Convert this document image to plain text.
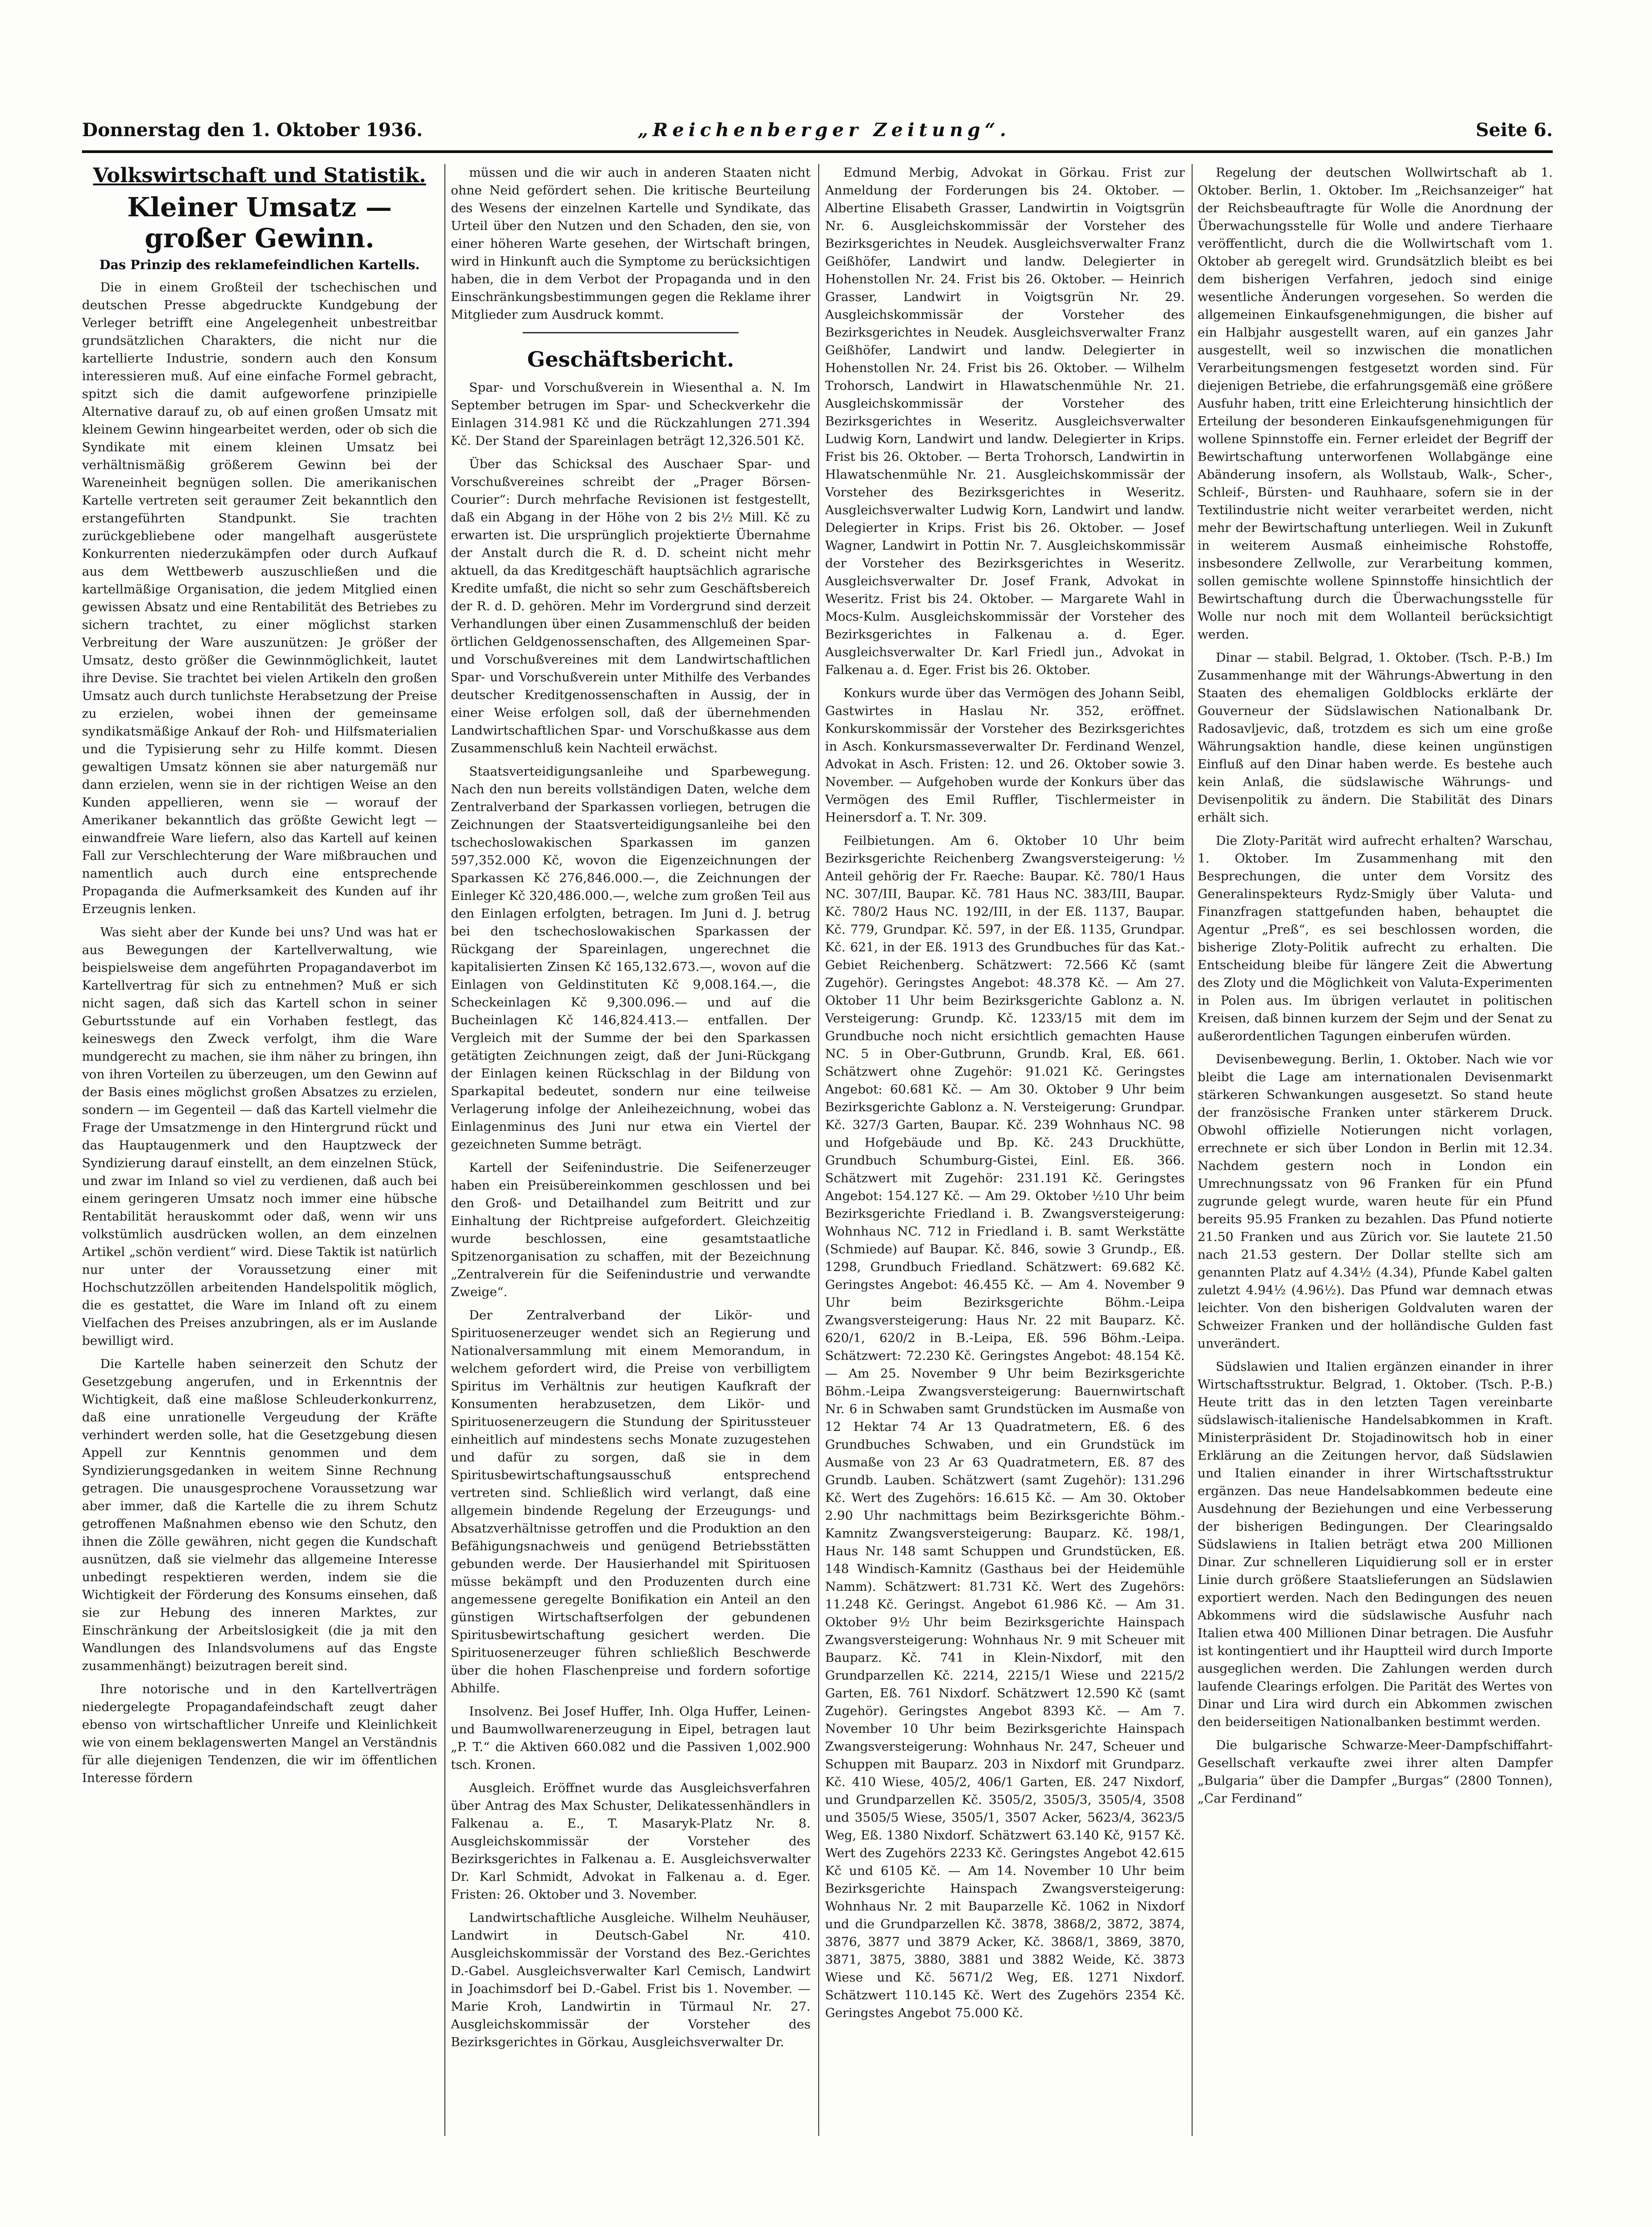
Donnerstag den 1. Oktober 1936.	„Reichenberger Zeitung“.	Seite 6.
Volkswirtschaft und Statistik.
Kleiner Umsatz — großer Gewinn.
Das Prinzip des reklamefeindlichen Kartells.

Die in einem Großteil der tschechischen und deutschen Presse abgedruckte Kundgebung der Verleger betrifft eine Angelegenheit unbestreitbar grundsätzlichen Charakters, die nicht nur die kartellierte Industrie, sondern auch den Konsum interessieren muß. Auf eine einfache Formel gebracht, spitzt sich die damit aufgeworfene prinzipielle Alternative darauf zu, ob auf einen großen Umsatz mit kleinem Gewinn hingearbeitet werden, oder ob sich die Syndikate mit einem kleinen Umsatz bei verhältnismäßig größerem Gewinn bei der Wareneinheit begnügen sollen. Die amerikanischen Kartelle vertreten seit geraumer Zeit bekanntlich den erstangeführten Standpunkt. Sie trachten zurückgebliebene oder mangelhaft ausgerüstete Konkurrenten niederzukämpfen oder durch Aufkauf aus dem Wettbewerb auszuschließen und die kartellmäßige Organisation, die jedem Mitglied einen gewissen Absatz und eine Rentabilität des Betriebes zu sichern trachtet, zu einer möglichst starken Verbreitung der Ware auszunützen: Je größer der Umsatz, desto größer die Gewinnmöglichkeit, lautet ihre Devise. Sie trachtet bei vielen Artikeln den großen Umsatz auch durch tunlichste Herabsetzung der Preise zu erzielen, wobei ihnen der gemeinsame syndikatsmäßige Ankauf der Roh- und Hilfsmaterialien und die Typisierung sehr zu Hilfe kommt. Diesen gewaltigen Umsatz können sie aber naturgemäß nur dann erzielen, wenn sie in der richtigen Weise an den Kunden appellieren, wenn sie — worauf der Amerikaner bekanntlich das größte Gewicht legt — einwandfreie Ware liefern, also das Kartell auf keinen Fall zur Verschlechterung der Ware mißbrauchen und namentlich auch durch eine entsprechende Propaganda die Aufmerksamkeit des Kunden auf ihr Erzeugnis lenken.

Was sieht aber der Kunde bei uns? Und was hat er aus Bewegungen der Kartellverwaltung, wie beispielsweise dem angeführten Propagandaverbot im Kartellvertrag für sich zu entnehmen? Muß er sich nicht sagen, daß sich das Kartell schon in seiner Geburtsstunde auf ein Vorhaben festlegt, das keineswegs den Zweck verfolgt, ihm die Ware mundgerecht zu machen, sie ihm näher zu bringen, ihn von ihren Vorteilen zu überzeugen, um den Gewinn auf der Basis eines möglichst großen Absatzes zu erzielen, sondern — im Gegenteil — daß das Kartell vielmehr die Frage der Umsatzmenge in den Hintergrund rückt und das Hauptaugenmerk und den Hauptzweck der Syndizierung darauf einstellt, an dem einzelnen Stück, und zwar im Inland so viel zu verdienen, daß auch bei einem geringeren Umsatz noch immer eine hübsche Rentabilität herauskommt oder daß, wenn wir uns volkstümlich ausdrücken wollen, an dem einzelnen Artikel „schön verdient“ wird. Diese Taktik ist natürlich nur unter der Voraussetzung einer mit Hochschutzzöllen arbeitenden Handelspolitik möglich, die es gestattet, die Ware im Inland oft zu einem Vielfachen des Preises anzubringen, als er im Auslande bewilligt wird.

Die Kartelle haben seinerzeit den Schutz der Gesetzgebung angerufen, und in Erkenntnis der Wichtigkeit, daß eine maßlose Schleuderkonkurrenz, daß eine unrationelle Vergeudung der Kräfte verhindert werden solle, hat die Gesetzgebung diesen Appell zur Kenntnis genommen und dem Syndizierungsgedanken in weitem Sinne Rechnung getragen. Die unausgesprochene Voraussetzung war aber immer, daß die Kartelle die zu ihrem Schutz getroffenen Maßnahmen ebenso wie den Schutz, den ihnen die Zölle gewähren, nicht gegen die Kundschaft ausnützen, daß sie vielmehr das allgemeine Interesse unbedingt respektieren werden, indem sie die Wichtigkeit der Förderung des Konsums einsehen, daß sie zur Hebung des inneren Marktes, zur Einschränkung der Arbeitslosigkeit (die ja mit den Wandlungen des Inlandsvolumens auf das Engste zusammenhängt) beizutragen bereit sind.

Ihre notorische und in den Kartellverträgen niedergelegte Propagandafeindschaft zeugt daher ebenso von wirtschaftlicher Unreife und Kleinlichkeit wie von einem beklagenswerten Mangel an Verständnis für alle diejenigen Tendenzen, die wir im öffentlichen Interesse fördern

müssen und die wir auch in anderen Staaten nicht ohne Neid gefördert sehen. Die kritische Beurteilung des Wesens der einzelnen Kartelle und Syndikate, das Urteil über den Nutzen und den Schaden, den sie, von einer höheren Warte gesehen, der Wirtschaft bringen, wird in Hinkunft auch die Symptome zu berücksichtigen haben, die in dem Verbot der Propaganda und in den Einschränkungsbestimmungen gegen die Reklame ihrer Mitglieder zum Ausdruck kommt.

Geschäftsbericht.

Spar- und Vorschußverein in Wiesenthal a. N. Im September betrugen im Spar- und Scheckverkehr die Einlagen 314.981 Kč und die Rückzahlungen 271.394 Kč. Der Stand der Spareinlagen beträgt 12,326.501 Kč.

Über das Schicksal des Auschaer Spar- und Vorschußvereines schreibt der „Prager Börsen-Courier“: Durch mehrfache Revisionen ist festgestellt, daß ein Abgang in der Höhe von 2 bis 2½ Mill. Kč zu erwarten ist. Die ursprünglich projektierte Übernahme der Anstalt durch die R. d. D. scheint nicht mehr aktuell, da das Kreditgeschäft hauptsächlich agrarische Kredite umfaßt, die nicht so sehr zum Geschäftsbereich der R. d. D. gehören. Mehr im Vordergrund sind derzeit Verhandlungen über einen Zusammenschluß der beiden örtlichen Geldgenossenschaften, des Allgemeinen Spar- und Vorschußvereines mit dem Landwirtschaftlichen Spar- und Vorschußverein unter Mithilfe des Verbandes deutscher Kreditgenossenschaften in Aussig, der in einer Weise erfolgen soll, daß der übernehmenden Landwirtschaftlichen Spar- und Vorschußkasse aus dem Zusammenschluß kein Nachteil erwächst.

Staatsverteidigungsanleihe und Sparbewegung. Nach den nun bereits vollständigen Daten, welche dem Zentralverband der Sparkassen vorliegen, betrugen die Zeichnungen der Staatsverteidigungsanleihe bei den tschechoslowakischen Sparkassen im ganzen 597,352.000 Kč, wovon die Eigenzeichnungen der Sparkassen Kč 276,846.000.—, die Zeichnungen der Einleger Kč 320,486.000.—, welche zum großen Teil aus den Einlagen erfolgten, betragen. Im Juni d. J. betrug bei den tschechoslowakischen Sparkassen der Rückgang der Spareinlagen, ungerechnet die kapitalisierten Zinsen Kč 165,132.673.—, wovon auf die Einlagen von Geldinstituten Kč 9,008.164.—, die Scheckeinlagen Kč 9,300.096.— und auf die Bucheinlagen Kč 146,824.413.— entfallen. Der Vergleich mit der Summe der bei den Sparkassen getätigten Zeichnungen zeigt, daß der Juni-Rückgang der Einlagen keinen Rückschlag in der Bildung von Sparkapital bedeutet, sondern nur eine teilweise Verlagerung infolge der Anleihezeichnung, wobei das Einlagenminus des Juni nur etwa ein Viertel der gezeichneten Summe beträgt.

Kartell der Seifenindustrie. Die Seifenerzeuger haben ein Preisübereinkommen geschlossen und bei den Groß- und Detailhandel zum Beitritt und zur Einhaltung der Richtpreise aufgefordert. Gleichzeitig wurde beschlossen, eine gesamtstaatliche Spitzenorganisation zu schaffen, mit der Bezeichnung „Zentralverein für die Seifenindustrie und verwandte Zweige“.

Der Zentralverband der Likör- und Spirituosenerzeuger wendet sich an Regierung und Nationalversammlung mit einem Memorandum, in welchem gefordert wird, die Preise von verbilligtem Spiritus im Verhältnis zur heutigen Kaufkraft der Konsumenten herabzusetzen, dem Likör- und Spirituosenerzeugern die Stundung der Spiritussteuer einheitlich auf mindestens sechs Monate zuzugestehen und dafür zu sorgen, daß sie in dem Spiritusbewirtschaftungsausschuß entsprechend vertreten sind. Schließlich wird verlangt, daß eine allgemein bindende Regelung der Erzeugungs- und Absatzverhältnisse getroffen und die Produktion an den Befähigungsnachweis und genügend Betriebsstätten gebunden werde. Der Hausierhandel mit Spirituosen müsse bekämpft und den Produzenten durch eine angemessene geregelte Bonifikation ein Anteil an den günstigen Wirtschaftserfolgen der gebundenen Spiritusbewirtschaftung gesichert werden. Die Spirituosenerzeuger führen schließlich Beschwerde über die hohen Flaschenpreise und fordern sofortige Abhilfe.

Insolvenz. Bei Josef Huffer, Inh. Olga Huffer, Leinen- und Baumwollwarenerzeugung in Eipel, betragen laut „P. T.“ die Aktiven 660.082 und die Passiven 1,002.900 tsch. Kronen.

Ausgleich. Eröffnet wurde das Ausgleichsverfahren über Antrag des Max Schuster, Delikatessenhändlers in Falkenau a. E., T. Masaryk-Platz Nr. 8. Ausgleichskommissär der Vorsteher des Bezirksgerichtes in Falkenau a. E. Ausgleichsverwalter Dr. Karl Schmidt, Advokat in Falkenau a. d. Eger. Fristen: 26. Oktober und 3. November.

Landwirtschaftliche Ausgleiche. Wilhelm Neuhäuser, Landwirt in Deutsch-Gabel Nr. 410. Ausgleichskommissär der Vorstand des Bez.-Gerichtes D.-Gabel. Ausgleichsverwalter Karl Cemisch, Landwirt in Joachimsdorf bei D.-Gabel. Frist bis 1. November. — Marie Kroh, Landwirtin in Türmaul Nr. 27. Ausgleichskommissär der Vorsteher des Bezirksgerichtes in Görkau, Ausgleichsverwalter Dr.

Edmund Merbig, Advokat in Görkau. Frist zur Anmeldung der Forderungen bis 24. Oktober. — Albertine Elisabeth Grasser, Landwirtin in Voigtsgrün Nr. 6. Ausgleichskommissär der Vorsteher des Bezirksgerichtes in Neudek. Ausgleichsverwalter Franz Geißhöfer, Landwirt und landw. Delegierter in Hohenstollen Nr. 24. Frist bis 26. Oktober. — Heinrich Grasser, Landwirt in Voigtsgrün Nr. 29. Ausgleichskommissär der Vorsteher des Bezirksgerichtes in Neudek. Ausgleichsverwalter Franz Geißhöfer, Landwirt und landw. Delegierter in Hohenstollen Nr. 24. Frist bis 26. Oktober. — Wilhelm Trohorsch, Landwirt in Hlawatschenmühle Nr. 21. Ausgleichskommissär der Vorsteher des Bezirksgerichtes in Weseritz. Ausgleichsverwalter Ludwig Korn, Landwirt und landw. Delegierter in Krips. Frist bis 26. Oktober. — Berta Trohorsch, Landwirtin in Hlawatschenmühle Nr. 21. Ausgleichskommissär der Vorsteher des Bezirksgerichtes in Weseritz. Ausgleichsverwalter Ludwig Korn, Landwirt und landw. Delegierter in Krips. Frist bis 26. Oktober. — Josef Wagner, Landwirt in Pottin Nr. 7. Ausgleichskommissär der Vorsteher des Bezirksgerichtes in Weseritz. Ausgleichsverwalter Dr. Josef Frank, Advokat in Weseritz. Frist bis 24. Oktober. — Margarete Wahl in Mocs-Kulm. Ausgleichskommissär der Vorsteher des Bezirksgerichtes in Falkenau a. d. Eger. Ausgleichsverwalter Dr. Karl Friedl jun., Advokat in Falkenau a. d. Eger. Frist bis 26. Oktober.

Konkurs wurde über das Vermögen des Johann Seibl, Gastwirtes in Haslau Nr. 352, eröffnet. Konkurskommissär der Vorsteher des Bezirksgerichtes in Asch. Konkursmasseverwalter Dr. Ferdinand Wenzel, Advokat in Asch. Fristen: 12. und 26. Oktober sowie 3. November. — Aufgehoben wurde der Konkurs über das Vermögen des Emil Ruffler, Tischlermeister in Heinersdorf a. T. Nr. 309.

Feilbietungen. Am 6. Oktober 10 Uhr beim Bezirksgerichte Reichenberg Zwangsversteigerung: ½ Anteil gehörig der Fr. Raeche: Baupar. Kč. 780/1 Haus NC. 307/III, Baupar. Kč. 781 Haus NC. 383/III, Baupar. Kč. 780/2 Haus NC. 192/III, in der Eß. 1137, Baupar. Kč. 779, Grundpar. Kč. 597, in der Eß. 1135, Grundpar. Kč. 621, in der Eß. 1913 des Grundbuches für das Kat.-Gebiet Reichenberg. Schätzwert: 72.566 Kč (samt Zugehör). Geringstes Angebot: 48.378 Kč. — Am 27. Oktober 11 Uhr beim Bezirksgerichte Gablonz a. N. Versteigerung: Grundp. Kč. 1233/15 mit dem im Grundbuche noch nicht ersichtlich gemachten Hause NC. 5 in Ober-Gutbrunn, Grundb. Kral, Eß. 661. Schätzwert ohne Zugehör: 91.021 Kč. Geringstes Angebot: 60.681 Kč. — Am 30. Oktober 9 Uhr beim Bezirksgerichte Gablonz a. N. Versteigerung: Grundpar. Kč. 327/3 Garten, Baupar. Kč. 239 Wohnhaus NC. 98 und Hofgebäude und Bp. Kč. 243 Druckhütte, Grundbuch Schumburg-Gistei, Einl. Eß. 366. Schätzwert mit Zugehör: 231.191 Kč. Geringstes Angebot: 154.127 Kč. — Am 29. Oktober ½10 Uhr beim Bezirksgerichte Friedland i. B. Zwangsversteigerung: Wohnhaus NC. 712 in Friedland i. B. samt Werkstätte (Schmiede) auf Baupar. Kč. 846, sowie 3 Grundp., Eß. 1298, Grundbuch Friedland. Schätzwert: 69.682 Kč. Geringstes Angebot: 46.455 Kč. — Am 4. November 9 Uhr beim Bezirksgerichte Böhm.-Leipa Zwangsversteigerung: Haus Nr. 22 mit Bauparz. Kč. 620/1, 620/2 in B.-Leipa, Eß. 596 Böhm.-Leipa. Schätzwert: 72.230 Kč. Geringstes Angebot: 48.154 Kč. — Am 25. November 9 Uhr beim Bezirksgerichte Böhm.-Leipa Zwangsversteigerung: Bauernwirtschaft Nr. 6 in Schwaben samt Grundstücken im Ausmaße von 12 Hektar 74 Ar 13 Quadratmetern, Eß. 6 des Grundbuches Schwaben, und ein Grundstück im Ausmaße von 23 Ar 63 Quadratmetern, Eß. 87 des Grundb. Lauben. Schätzwert (samt Zugehör): 131.296 Kč. Wert des Zugehörs: 16.615 Kč. — Am 30. Oktober 2.90 Uhr nachmittags beim Bezirksgerichte Böhm.-Kamnitz Zwangsversteigerung: Bauparz. Kč. 198/1, Haus Nr. 148 samt Schuppen und Grundstücken, Eß. 148 Windisch-Kamnitz (Gasthaus bei der Heidemühle Namm). Schätzwert: 81.731 Kč. Wert des Zugehörs: 11.248 Kč. Geringst. Angebot 61.986 Kč. — Am 31. Oktober 9½ Uhr beim Bezirksgerichte Hainspach Zwangsversteigerung: Wohnhaus Nr. 9 mit Scheuer mit Bauparz. Kč. 741 in Klein-Nixdorf, mit den Grundparzellen Kč. 2214, 2215/1 Wiese und 2215/2 Garten, Eß. 761 Nixdorf. Schätzwert 12.590 Kč (samt Zugehör). Geringstes Angebot 8393 Kč. — Am 7. November 10 Uhr beim Bezirksgerichte Hainspach Zwangsversteigerung: Wohnhaus Nr. 247, Scheuer und Schuppen mit Bauparz. 203 in Nixdorf mit Grundparz. Kč. 410 Wiese, 405/2, 406/1 Garten, Eß. 247 Nixdorf, und Grundparzellen Kč. 3505/2, 3505/3, 3505/4, 3508 und 3505/5 Wiese, 3505/1, 3507 Acker, 5623/4, 3623/5 Weg, Eß. 1380 Nixdorf. Schätzwert 63.140 Kč, 9157 Kč. Wert des Zugehörs 2233 Kč. Geringstes Angebot 42.615 Kč und 6105 Kč. — Am 14. November 10 Uhr beim Bezirksgerichte Hainspach Zwangsversteigerung: Wohnhaus Nr. 2 mit Bauparzelle Kč. 1062 in Nixdorf und die Grundparzellen Kč. 3878, 3868/2, 3872, 3874, 3876, 3877 und 3879 Acker, Kč. 3868/1, 3869, 3870, 3871, 3875, 3880, 3881 und 3882 Weide, Kč. 3873 Wiese und Kč. 5671/2 Weg, Eß. 1271 Nixdorf. Schätzwert 110.145 Kč. Wert des Zugehörs 2354 Kč. Geringstes Angebot 75.000 Kč.

Regelung der deutschen Wollwirtschaft ab 1. Oktober. Berlin, 1. Oktober. Im „Reichsanzeiger“ hat der Reichsbeauftragte für Wolle die Anordnung der Überwachungsstelle für Wolle und andere Tierhaare veröffentlicht, durch die die Wollwirtschaft vom 1. Oktober ab geregelt wird. Grundsätzlich bleibt es bei dem bisherigen Verfahren, jedoch sind einige wesentliche Änderungen vorgesehen. So werden die allgemeinen Einkaufsgenehmigungen, die bisher auf ein Halbjahr ausgestellt waren, auf ein ganzes Jahr ausgestellt, weil so inzwischen die monatlichen Verarbeitungsmengen festgesetzt worden sind. Für diejenigen Betriebe, die erfahrungsgemäß eine größere Ausfuhr haben, tritt eine Erleichterung hinsichtlich der Erteilung der besonderen Einkaufsgenehmigungen für wollene Spinnstoffe ein. Ferner erleidet der Begriff der Bewirtschaftung unterworfenen Wollabgänge eine Abänderung insofern, als Wollstaub, Walk-, Scher-, Schleif-, Bürsten- und Rauhhaare, sofern sie in der Textilindustrie nicht weiter verarbeitet werden, nicht mehr der Bewirtschaftung unterliegen. Weil in Zukunft in weiterem Ausmaß einheimische Rohstoffe, insbesondere Zellwolle, zur Verarbeitung kommen, sollen gemischte wollene Spinnstoffe hinsichtlich der Bewirtschaftung durch die Überwachungsstelle für Wolle nur noch mit dem Wollanteil berücksichtigt werden.

Dinar — stabil. Belgrad, 1. Oktober. (Tsch. P.-B.) Im Zusammenhange mit der Währungs-Abwertung in den Staaten des ehemaligen Goldblocks erklärte der Gouverneur der Südslawischen Nationalbank Dr. Radosavljevic, daß, trotzdem es sich um eine große Währungsaktion handle, diese keinen ungünstigen Einfluß auf den Dinar haben werde. Es bestehe auch kein Anlaß, die südslawische Währungs- und Devisenpolitik zu ändern. Die Stabilität des Dinars erhält sich.

Die Zloty-Parität wird aufrecht erhalten? Warschau, 1. Oktober. Im Zusammenhang mit den Besprechungen, die unter dem Vorsitz des Generalinspekteurs Rydz-Smigly über Valuta- und Finanzfragen stattgefunden haben, behauptet die Agentur „Preß“, es sei beschlossen worden, die bisherige Zloty-Politik aufrecht zu erhalten. Die Entscheidung bleibe für längere Zeit die Abwertung des Zloty und die Möglichkeit von Valuta-Experimenten in Polen aus. Im übrigen verlautet in politischen Kreisen, daß binnen kurzem der Sejm und der Senat zu außerordentlichen Tagungen einberufen würden.

Devisenbewegung. Berlin, 1. Oktober. Nach wie vor bleibt die Lage am internationalen Devisenmarkt stärkeren Schwankungen ausgesetzt. So stand heute der französische Franken unter stärkerem Druck. Obwohl offizielle Notierungen nicht vorlagen, errechnete er sich über London in Berlin mit 12.34. Nachdem gestern noch in London ein Umrechnungssatz von 96 Franken für ein Pfund zugrunde gelegt wurde, waren heute für ein Pfund bereits 95.95 Franken zu bezahlen. Das Pfund notierte 21.50 Franken und aus Zürich vor. Sie lautete 21.50 nach 21.53 gestern. Der Dollar stellte sich am genannten Platz auf 4.34½ (4.34), Pfunde Kabel galten zuletzt 4.94½ (4.96½). Das Pfund war demnach etwas leichter. Von den bisherigen Goldvaluten waren der Schweizer Franken und der holländische Gulden fast unverändert.

Südslawien und Italien ergänzen einander in ihrer Wirtschaftsstruktur. Belgrad, 1. Oktober. (Tsch. P.-B.) Heute tritt das in den letzten Tagen vereinbarte südslawisch-italienische Handelsabkommen in Kraft. Ministerpräsident Dr. Stojadinowitsch hob in einer Erklärung an die Zeitungen hervor, daß Südslawien und Italien einander in ihrer Wirtschaftsstruktur ergänzen. Das neue Handelsabkommen bedeute eine Ausdehnung der Beziehungen und eine Verbesserung der bisherigen Bedingungen. Der Clearingsaldo Südslawiens in Italien beträgt etwa 200 Millionen Dinar. Zur schnelleren Liquidierung soll er in erster Linie durch größere Staatslieferungen an Südslawien exportiert werden. Nach den Bedingungen des neuen Abkommens wird die südslawische Ausfuhr nach Italien etwa 400 Millionen Dinar betragen. Die Ausfuhr ist kontingentiert und ihr Hauptteil wird durch Importe ausgeglichen werden. Die Zahlungen werden durch laufende Clearings erfolgen. Die Parität des Wertes von Dinar und Lira wird durch ein Abkommen zwischen den beiderseitigen Nationalbanken bestimmt werden.

Die bulgarische Schwarze-Meer-Dampfschiffahrt-Gesellschaft verkaufte zwei ihrer alten Dampfer „Bulgaria“ über die Dampfer „Burgas“ (2800 Tonnen), „Car Ferdinand“
